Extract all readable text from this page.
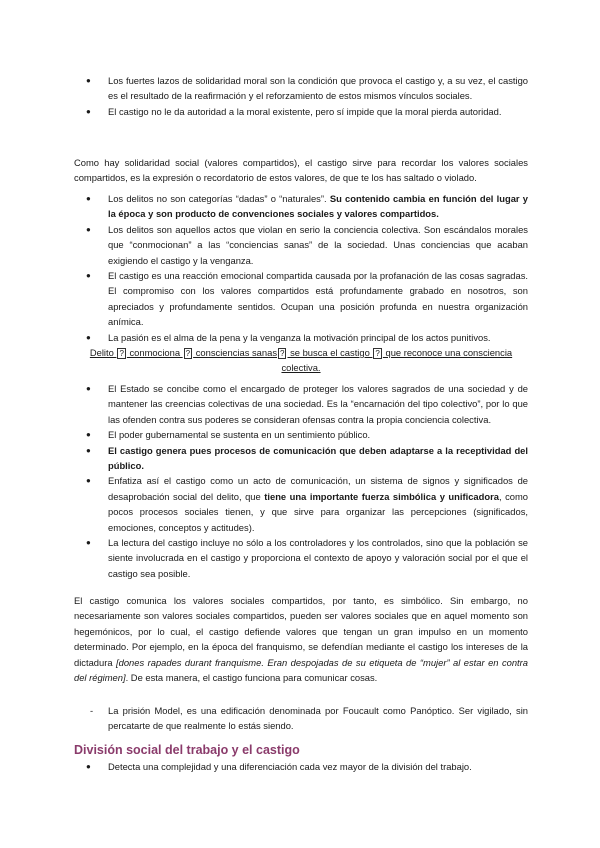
● Los fuertes lazos de solidaridad moral son la condición que provoca el castigo y, a su vez, el castigo es el resultado de la reafirmación y el reforzamiento de estos mismos vínculos sociales.
● El castigo no le da autoridad a la moral existente, pero sí impide que la moral pierda autoridad.

Como hay solidaridad social (valores compartidos), el castigo sirve para recordar los valores sociales compartidos, es la expresión o recordatorio de estos valores, de que te los has saltado o violado.

● Los delitos no son categorías “dadas” o “naturales”. Su contenido cambia en función del lugar y la época y son producto de convenciones sociales y valores compartidos.
● Los delitos son aquellos actos que violan en serio la conciencia colectiva. Son escándalos morales que “conmocionan” a las “conciencias sanas” de la sociedad. Unas conciencias que acaban exigiendo el castigo y la venganza.
● El castigo es una reacción emocional compartida causada por la profanación de las cosas sagradas. El compromiso con los valores compartidos está profundamente grabado en nosotros, son apreciados y profundamente sentidos. Ocupan una posición profunda en nuestra organización anímica.
● La pasión es el alma de la pena y la venganza la motivación principal de los actos punitivos.

Delito ? conmociona ? consciencias sanas ? se busca el castigo ? que reconoce una consciencia colectiva.

● El Estado se concibe como el encargado de proteger los valores sagrados de una sociedad y de mantener las creencias colectivas de una sociedad. Es la “encarnación del tipo colectivo”, por lo que las ofenden contra sus poderes se consideran ofensas contra la propia conciencia colectiva.
● El poder gubernamental se sustenta en un sentimiento público.
● El castigo genera pues procesos de comunicación que deben adaptarse a la receptividad del público.
● Enfatiza así el castigo como un acto de comunicación, un sistema de signos y significados de desaprobación social del delito, que tiene una importante fuerza simbólica y unificadora, como pocos procesos sociales tienen, y que sirve para organizar las percepciones (significados, emociones, conceptos y actitudes).
● La lectura del castigo incluye no sólo a los controladores y los controlados, sino que la población se siente involucrada en el castigo y proporciona el contexto de apoyo y valoración social por el que el castigo sea posible.

El castigo comunica los valores sociales compartidos, por tanto, es simbólico. Sin embargo, no necesariamente son valores sociales compartidos, pueden ser valores sociales que en aquel momento son hegemónicos, por lo cual, el castigo defiende valores que tengan un gran impulso en un momento determinado. Por ejemplo, en la época del franquismo, se defendían mediante el castigo los intereses de la dictadura [dones rapades durant franquisme. Eran despojadas de su etiqueta de “mujer” al estar en contra del régimen]. De esta manera, el castigo funciona para comunicar cosas.

- La prisión Model, es una edificación denominada por Foucault como Panóptico. Ser vigilado, sin percatarte de que realmente lo estás siendo.
División social del trabajo y el castigo
● Detecta una complejidad y una diferenciación cada vez mayor de la división del trabajo.
